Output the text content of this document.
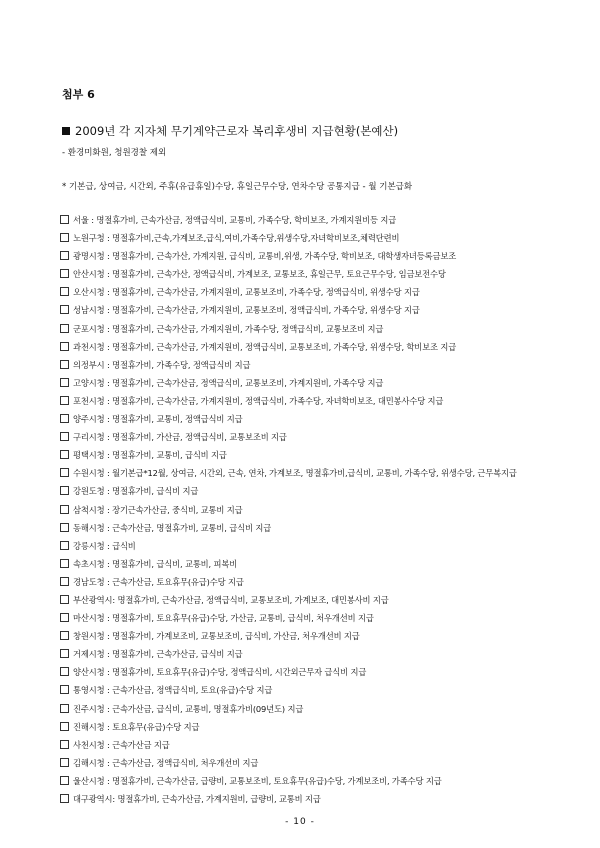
첨부 6
2009년 각 지자체 무기계약근로자 복리후생비 지급현황(본예산)
- 환경미화원, 청원경찰 제외
* 기본급, 상여금, 시간외, 주휴(유급휴일)수당, 휴일근무수당, 연차수당 공통지급 - 월 기본급화
서울 : 명절휴가비, 근속가산금, 정액급식비, 교통비, 가족수당, 학비보조, 가계지원비등 지급
노원구청 : 명절휴가비,근속,가계보조,급식,여비,가족수당,위생수당,자녀학비보조,체력단련비
광명시청 : 명절휴가비, 근속가산, 가계지원, 급식비, 교통비,위생, 가족수당, 학비보조, 대학생자녀등록금보조
안산시청 : 명절휴가비, 근속가산, 정액급식비, 가계보조, 교통보조, 휴일근무, 토요근무수당, 임금보전수당
오산시청 : 명절휴가비, 근속가산금, 가계지원비, 교통보조비, 가족수당, 정액급식비, 위생수당 지급
성남시청 : 명절휴가비, 근속가산금, 가계지원비, 교통보조비, 정액급식비, 가족수당, 위생수당 지급
군포시청 : 명절휴가비, 근속가산금, 가계지원비, 가족수당, 정액급식비, 교통보조비 지급
과천시청 : 명절휴가비, 근속가산금, 가계지원비, 정액급식비, 교통보조비, 가족수당, 위생수당, 학비보조 지급
의정부시 : 명절휴가비, 가족수당, 정액급식비 지급
고양시청 : 명절휴가비, 근속가산금, 정액급식비, 교통보조비, 가계지원비, 가족수당 지급
포천시청 : 명절휴가비, 근속가산금, 가계지원비, 정액급식비, 가족수당, 자녀학비보조, 대민봉사수당 지급
양주시청 : 명절휴가비, 교통비, 정액급식비 지급
구리시청 : 명절휴가비, 가산금, 정액급식비, 교통보조비 지급
평택시청 : 명절휴가비, 교통비, 급식비 지급
수원시청 : 월기본급*12월, 상여금, 시간외, 근속, 연차, 가계보조, 명절휴가비,급식비, 교통비, 가족수당, 위생수당, 근무복지급
강원도청 : 명절휴가비, 급식비 지급
삼척시청 : 장기근속가산금, 중식비, 교통비 지급
동해시청 : 근속가산금, 명절휴가비, 교통비, 급식비 지급
강릉시청 : 급식비
속초시청 : 명절휴가비, 급식비, 교통비, 피복비
경남도청 : 근속가산금, 토요휴무(유급)수당 지급
부산광역시: 명절휴가비, 근속가산금, 정액급식비, 교통보조비, 가계보조, 대민봉사비 지급
마산시청 : 명절휴가비, 토요휴무(유급)수당, 가산금, 교통비, 급식비, 처우개선비 지급
창원시청 : 명절휴가비, 가계보조비, 교통보조비, 급식비, 가산금, 처우개선비 지급
거제시청 : 명절휴가비, 근속가산금, 급식비 지급
양산시청 : 명절휴가비, 토요휴무(유급)수당, 정액급식비, 시간외근무자 급식비 지급
통영시청 : 근속가산금, 정액급식비, 토요(유급)수당 지급
진주시청 : 근속가산금, 급식비, 교통비, 명절휴가비(09년도) 지급
진해시청 : 토요휴무(유급)수당 지급
사천시청 : 근속가산금 지급
김해시청 : 근속가산금, 정액급식비, 처우개선비 지급
울산시청 : 명절휴가비, 근속가산금, 급량비, 교통보조비, 토요휴무(유급)수당, 가계보조비, 가족수당 지급
대구광역시: 명절휴가비, 근속가산금, 가계지원비, 급량비, 교통비 지급
- 10 -
